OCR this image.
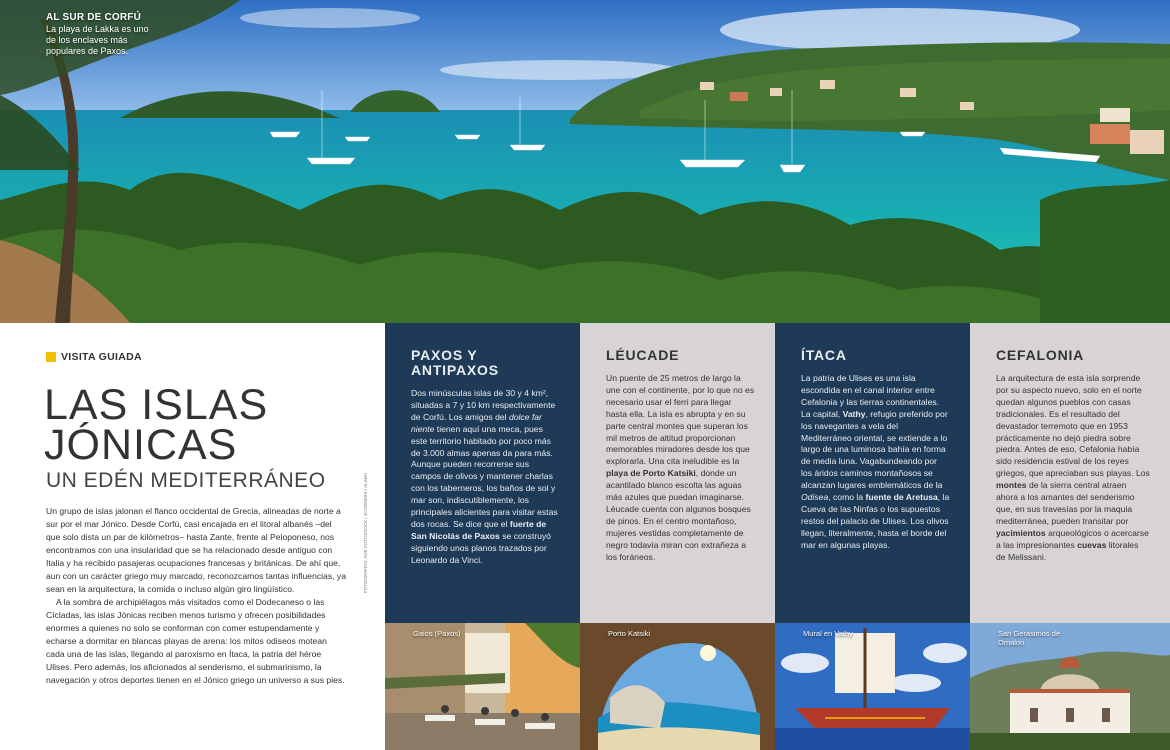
AL SUR DE CORFÚ
La playa de Lakka es uno de los enclaves más populares de Paxos.
VISITA GUIADA
LAS ISLAS
JÓNICAS
UN EDÉN MEDITERRÁNEO

Un grupo de islas jalonan el flanco occidental de Grecia, alineadas de norte a sur por el mar Jónico. Desde Corfú, casi encajada en el litoral albanés –del que solo dista un par de kilómetros– hasta Zante, frente al Peloponeso, nos encontramos con una insularidad que se ha relacionado desde antiguo con Italia y ha recibido pasajeras ocupaciones francesas y británicas. De ahí que, aun con un carácter griego muy marcado, reconozcamos tantas influencias, ya sean en la arquitectura, la comida o incluso algún giro lingüístico.

A la sombra de archipiélagos más visitados como el Dodecaneso o las Cícladas, las islas Jónicas reciben menos turismo y ofrecen posibilidades enormes a quienes no solo se conforman con comer estupendamente y echarse a dormitar en blancas playas de arena: los mitos odiseos motean cada una de las islas, llegando al paroxismo en Ítaca, la patria del héroe Ulises. Pero además, los aficionados al senderismo, el submarinismo, la navegación y otros deportes tienen en el Jónico griego un universo a sus pies.

FOTOGRAFÍAS: AGE FOTOSTOCK / 4CORNERS / ALAMY
PAXOS Y ANTIPAXOS
Dos minúsculas islas de 30 y 4 km², situadas a 7 y 10 km respectivamente de Corfú. Los amigos del dolce far niente tienen aquí una meca, pues este territorio habitado por poco más de 3.000 almas apenas da para más. Aunque pueden recorrerse sus campos de olivos y mantener charlas con los taberneros, los baños de sol y mar son, indiscutiblemente, los principales alicientes para visitar estas dos rocas. Se dice que el fuerte de San Nicolás de Paxos se construyó siguiendo unos planos trazados por Leonardo da Vinci.
LÉUCADE
Un puente de 25 metros de largo la une con el continente, por lo que no es necesario usar el ferri para llegar hasta ella. La isla es abrupta y en su parte central montes que superan los mil metros de altitud proporcionan memorables miradores desde los que explorarla. Una cita ineludible es la playa de Porto Katsiki, donde un acantilado blanco escolta las aguas más azules que puedan imaginarse. Léucade cuenta con algunos bosques de pinos. En el centro montañoso, mujeres vestidas completamente de negro todavía miran con extrañeza a los foráneos.
ÍTACA
La patria de Ulises es una isla escondida en el canal interior entre Cefalonia y las tierras continentales. La capital, Vathy, refugio preferido por los navegantes a vela del Mediterráneo oriental, se extiende a lo largo de una luminosa bahía en forma de media luna. Vagabundeando por los áridos caminos montañosos se alcanzan lugares emblemáticos de la Odisea, como la fuente de Aretusa, la Cueva de las Ninfas o los supuestos restos del palacio de Ulises. Los olivos llegan, literalmente, hasta el borde del mar en algunas playas.
CEFALONIA
La arquitectura de esta isla sorprende por su aspecto nuevo, solo en el norte quedan algunos pueblos con casas tradicionales. Es el resultado del devastador terremoto que en 1953 prácticamente no dejó piedra sobre piedra. Antes de eso, Cefalonia había sido residencia estival de los reyes griegos, que apreciaban sus playas. Los montes de la sierra central atraen ahora a los amantes del senderismo que, en sus travesías por la maquia mediterránea, pueden transitar por yacimientos arqueológicos o acercarse a las impresionantes cuevas litorales de Melissani.
Gaios (Paxos)	Porto Katsiki	Mural en Vathy	San Gerasimos de Omalon.
